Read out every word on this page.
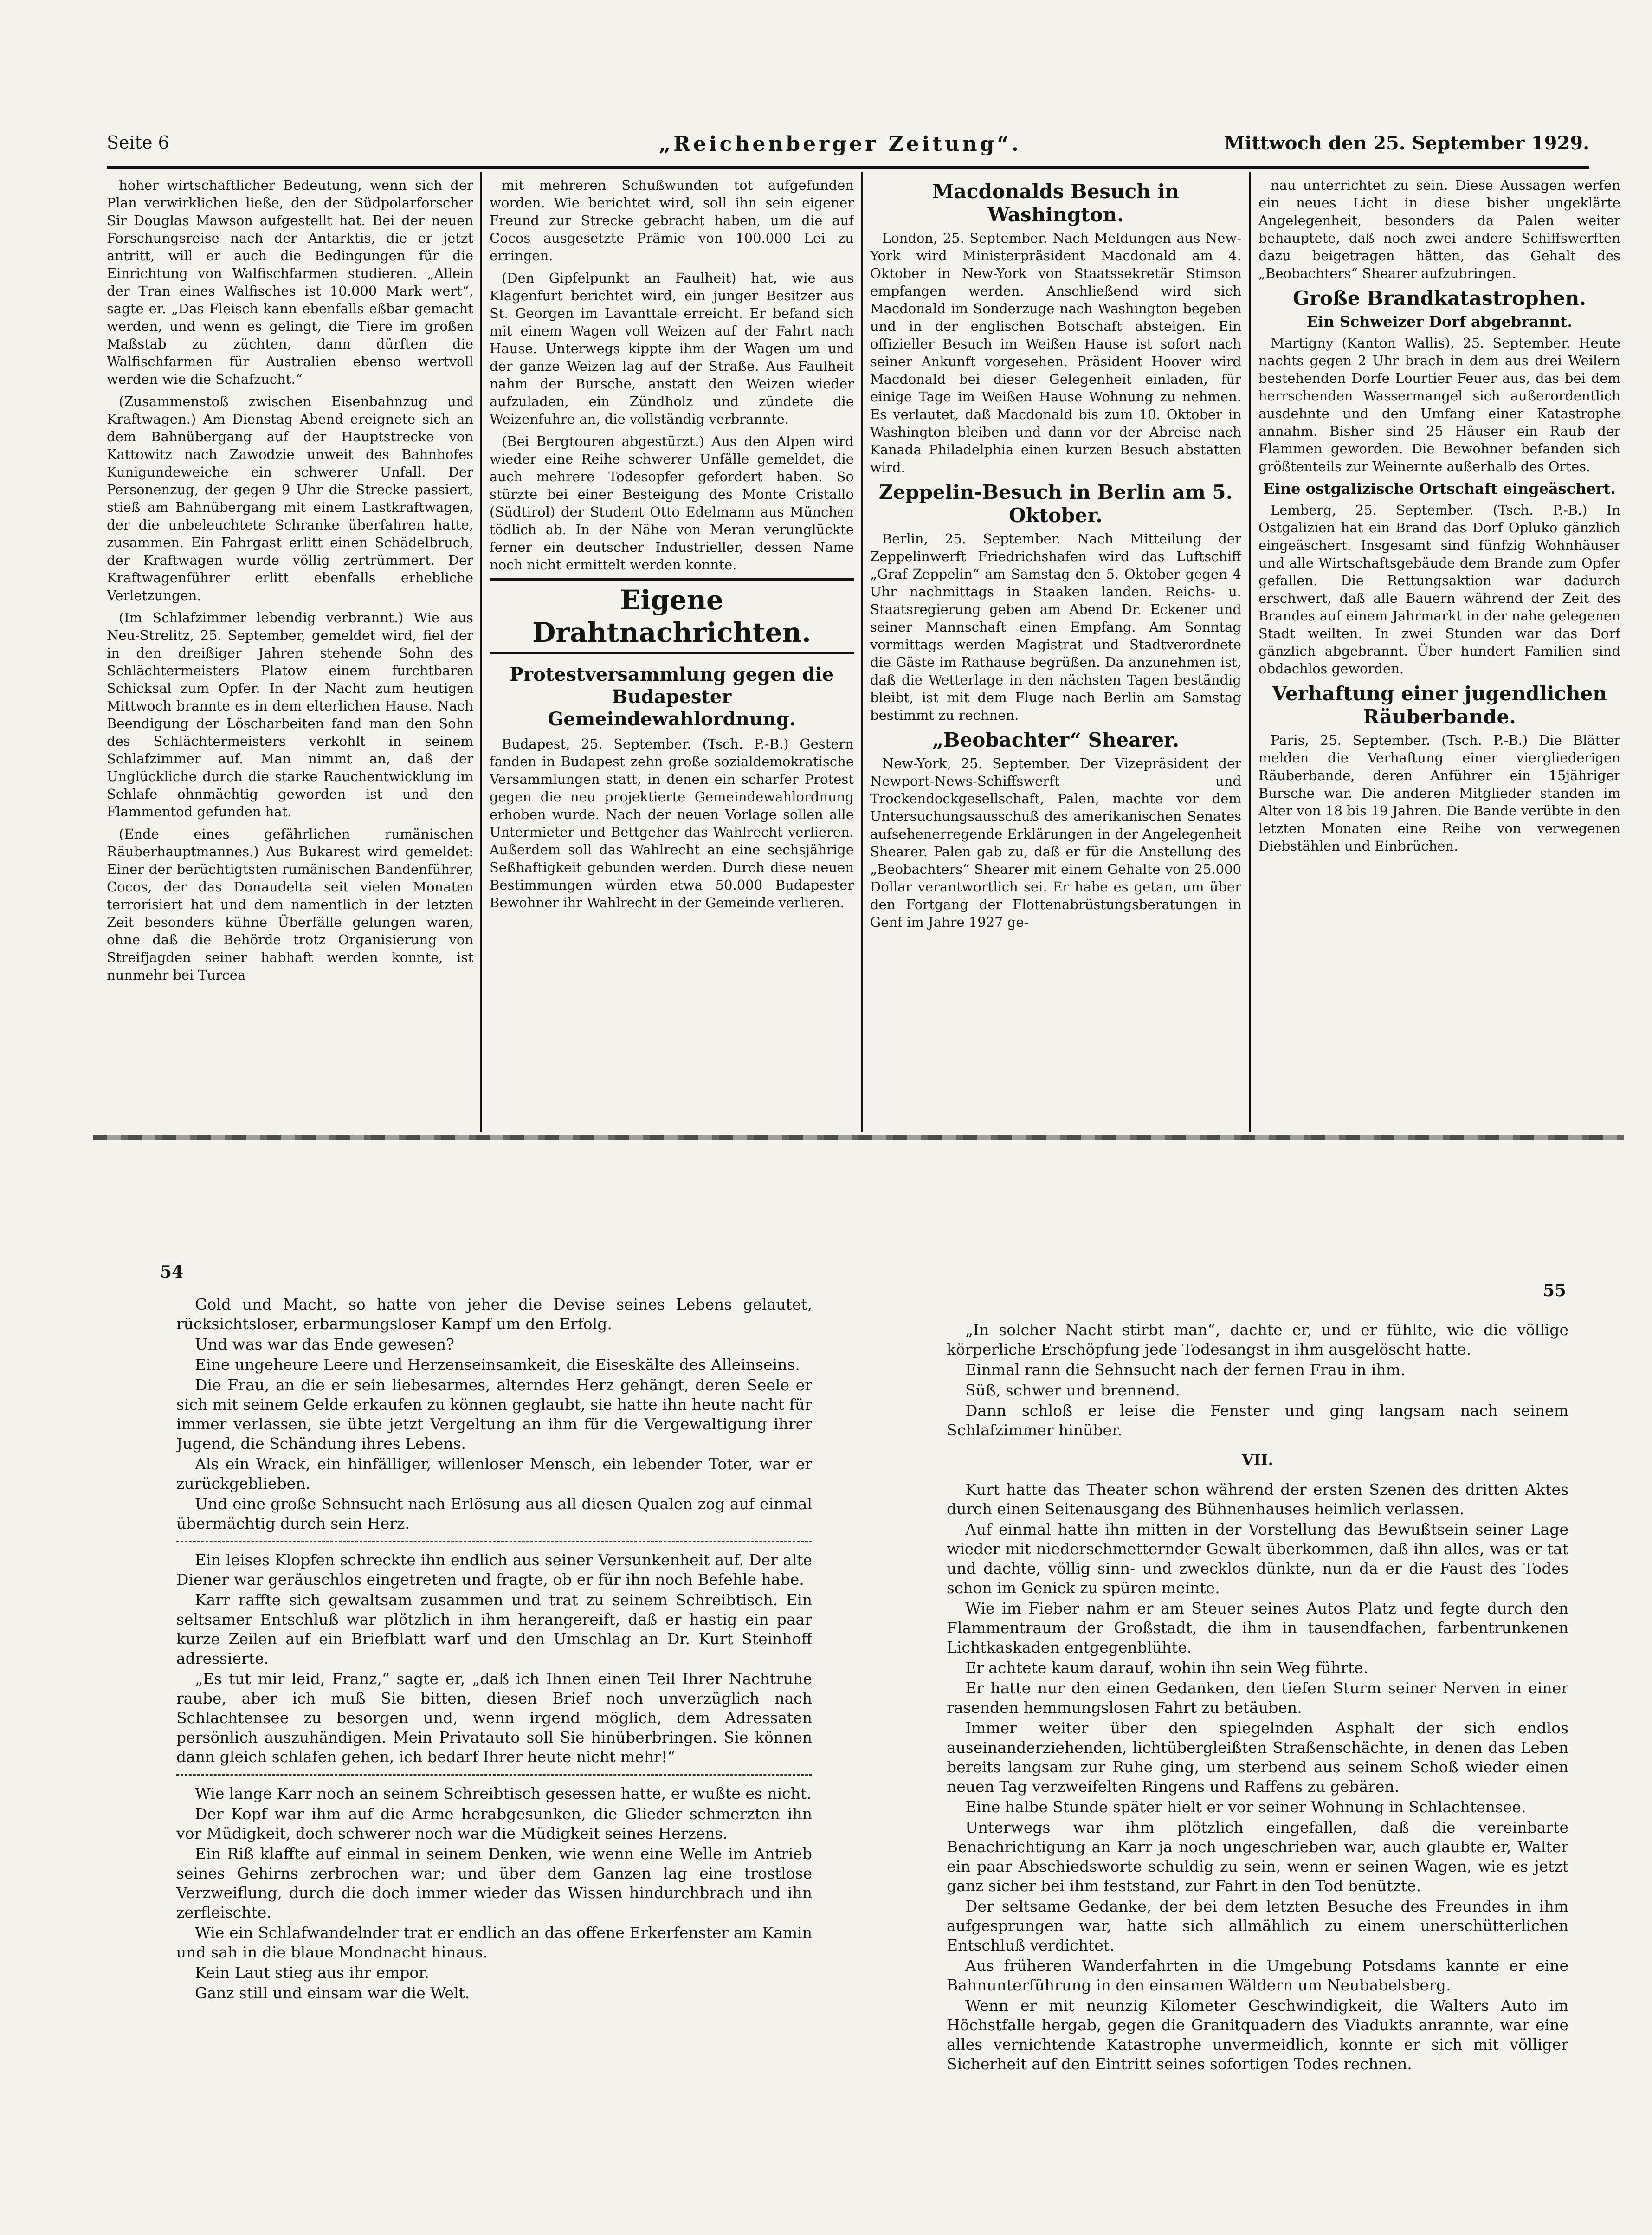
Seite 6	„Reichenberger Zeitung“.	Mittwoch den 25. September 1929.

hoher wirtschaftlicher Bedeutung, wenn sich der Plan verwirklichen ließe, den der Südpolarforscher Sir Douglas Mawson aufgestellt hat. Bei der neuen Forschungsreise nach der Antarktis, die er jetzt antritt, will er auch die Bedingungen für die Einrichtung von Walfischfarmen studieren. „Allein der Tran eines Walfisches ist 10.000 Mark wert“, sagte er. „Das Fleisch kann ebenfalls eßbar gemacht werden, und wenn es gelingt, die Tiere im großen Maßstab zu züchten, dann dürften die Walfischfarmen für Australien ebenso wertvoll werden wie die Schafzucht.“

(Zusammenstoß zwischen Eisenbahnzug und Kraftwagen.) Am Dienstag Abend ereignete sich an dem Bahnübergang auf der Hauptstrecke von Kattowitz nach Zawodzie unweit des Bahnhofes Kunigundeweiche ein schwerer Unfall. Der Personenzug, der gegen 9 Uhr die Strecke passiert, stieß am Bahnübergang mit einem Lastkraftwagen, der die unbeleuchtete Schranke überfahren hatte, zusammen. Ein Fahrgast erlitt einen Schädelbruch, der Kraftwagen wurde völlig zertrümmert. Der Kraftwagenführer erlitt ebenfalls erhebliche Verletzungen.

(Im Schlafzimmer lebendig verbrannt.) Wie aus Neu-Strelitz, 25. September, gemeldet wird, fiel der in den dreißiger Jahren stehende Sohn des Schlächtermeisters Platow einem furchtbaren Schicksal zum Opfer. In der Nacht zum heutigen Mittwoch brannte es in dem elterlichen Hause. Nach Beendigung der Löscharbeiten fand man den Sohn des Schlächtermeisters verkohlt in seinem Schlafzimmer auf. Man nimmt an, daß der Unglückliche durch die starke Rauchentwicklung im Schlafe ohnmächtig geworden ist und den Flammentod gefunden hat.

(Ende eines gefährlichen rumänischen Räuberhauptmannes.) Aus Bukarest wird gemeldet: Einer der berüchtigtsten rumänischen Bandenführer, Cocos, der das Donaudelta seit vielen Monaten terrorisiert hat und dem namentlich in der letzten Zeit besonders kühne Überfälle gelungen waren, ohne daß die Behörde trotz Organisierung von Streifjagden seiner habhaft werden konnte, ist nunmehr bei Turcea

mit mehreren Schußwunden tot aufgefunden worden. Wie berichtet wird, soll ihn sein eigener Freund zur Strecke gebracht haben, um die auf Cocos ausgesetzte Prämie von 100.000 Lei zu erringen.

(Den Gipfelpunkt an Faulheit) hat, wie aus Klagenfurt berichtet wird, ein junger Besitzer aus St. Georgen im Lavanttale erreicht. Er befand sich mit einem Wagen voll Weizen auf der Fahrt nach Hause. Unterwegs kippte ihm der Wagen um und der ganze Weizen lag auf der Straße. Aus Faulheit nahm der Bursche, anstatt den Weizen wieder aufzuladen, ein Zündholz und zündete die Weizenfuhre an, die vollständig verbrannte.

(Bei Bergtouren abgestürzt.) Aus den Alpen wird wieder eine Reihe schwerer Unfälle gemeldet, die auch mehrere Todesopfer gefordert haben. So stürzte bei einer Besteigung des Monte Cristallo (Südtirol) der Student Otto Edelmann aus München tödlich ab. In der Nähe von Meran verunglückte ferner ein deutscher Industrieller, dessen Name noch nicht ermittelt werden konnte.

Eigene Drahtnachrichten.
Protestversammlung gegen die Budapester Gemeindewahlordnung.

Budapest, 25. September. (Tsch. P.-B.) Gestern fanden in Budapest zehn große sozialdemokratische Versammlungen statt, in denen ein scharfer Protest gegen die neu projektierte Gemeindewahlordnung erhoben wurde. Nach der neuen Vorlage sollen alle Untermieter und Bettgeher das Wahlrecht verlieren. Außerdem soll das Wahlrecht an eine sechsjährige Seßhaftigkeit gebunden werden. Durch diese neuen Bestimmungen würden etwa 50.000 Budapester Bewohner ihr Wahlrecht in der Gemeinde verlieren.

Macdonalds Besuch in Washington.

London, 25. September. Nach Meldungen aus New-York wird Ministerpräsident Macdonald am 4. Oktober in New-York von Staatssekretär Stimson empfangen werden. Anschließend wird sich Macdonald im Sonderzuge nach Washington begeben und in der englischen Botschaft absteigen. Ein offizieller Besuch im Weißen Hause ist sofort nach seiner Ankunft vorgesehen. Präsident Hoover wird Macdonald bei dieser Gelegenheit einladen, für einige Tage im Weißen Hause Wohnung zu nehmen. Es verlautet, daß Macdonald bis zum 10. Oktober in Washington bleiben und dann vor der Abreise nach Kanada Philadelphia einen kurzen Besuch abstatten wird.

Zeppelin-Besuch in Berlin am 5. Oktober.

Berlin, 25. September. Nach Mitteilung der Zeppelinwerft Friedrichshafen wird das Luftschiff „Graf Zeppelin“ am Samstag den 5. Oktober gegen 4 Uhr nachmittags in Staaken landen. Reichs- u. Staatsregierung geben am Abend Dr. Eckener und seiner Mannschaft einen Empfang. Am Sonntag vormittags werden Magistrat und Stadtverordnete die Gäste im Rathause begrüßen. Da anzunehmen ist, daß die Wetterlage in den nächsten Tagen beständig bleibt, ist mit dem Fluge nach Berlin am Samstag bestimmt zu rechnen.

„Beobachter“ Shearer.

New-York, 25. September. Der Vizepräsident der Newport-News-Schiffswerft und Trockendockgesellschaft, Palen, machte vor dem Untersuchungsausschuß des amerikanischen Senates aufsehenerregende Erklärungen in der Angelegenheit Shearer. Palen gab zu, daß er für die Anstellung des „Beobachters“ Shearer mit einem Gehalte von 25.000 Dollar verantwortlich sei. Er habe es getan, um über den Fortgang der Flottenabrüstungsberatungen in Genf im Jahre 1927 ge-

nau unterrichtet zu sein. Diese Aussagen werfen ein neues Licht in diese bisher ungeklärte Angelegenheit, besonders da Palen weiter behauptete, daß noch zwei andere Schiffswerften dazu beigetragen hätten, das Gehalt des „Beobachters“ Shearer aufzubringen.

Große Brandkatastrophen.
Ein Schweizer Dorf abgebrannt.

Martigny (Kanton Wallis), 25. September. Heute nachts gegen 2 Uhr brach in dem aus drei Weilern bestehenden Dorfe Lourtier Feuer aus, das bei dem herrschenden Wassermangel sich außerordentlich ausdehnte und den Umfang einer Katastrophe annahm. Bisher sind 25 Häuser ein Raub der Flammen geworden. Die Bewohner befanden sich größtenteils zur Weinernte außerhalb des Ortes.

Eine ostgalizische Ortschaft eingeäschert.

Lemberg, 25. September. (Tsch. P.-B.) In Ostgalizien hat ein Brand das Dorf Opluko gänzlich eingeäschert. Insgesamt sind fünfzig Wohnhäuser und alle Wirtschaftsgebäude dem Brande zum Opfer gefallen. Die Rettungsaktion war dadurch erschwert, daß alle Bauern während der Zeit des Brandes auf einem Jahrmarkt in der nahe gelegenen Stadt weilten. In zwei Stunden war das Dorf gänzlich abgebrannt. Über hundert Familien sind obdachlos geworden.

Verhaftung einer jugendlichen Räuberbande.

Paris, 25. September. (Tsch. P.-B.) Die Blätter melden die Verhaftung einer viergliederigen Räuberbande, deren Anführer ein 15jähriger Bursche war. Die anderen Mitglieder standen im Alter von 18 bis 19 Jahren. Die Bande verübte in den letzten Monaten eine Reihe von verwegenen Diebstählen und Einbrüchen.

54

Gold und Macht, so hatte von jeher die Devise seines Lebens gelautet, rücksichtsloser, erbarmungsloser Kampf um den Erfolg.

Und was war das Ende gewesen?

Eine ungeheure Leere und Herzenseinsamkeit, die Eiseskälte des Alleinseins.

Die Frau, an die er sein liebesarmes, alterndes Herz gehängt, deren Seele er sich mit seinem Gelde erkaufen zu können geglaubt, sie hatte ihn heute nacht für immer verlassen, sie übte jetzt Vergeltung an ihm für die Vergewaltigung ihrer Jugend, die Schändung ihres Lebens.

Als ein Wrack, ein hinfälliger, willenloser Mensch, ein lebender Toter, war er zurückgeblieben.

Und eine große Sehnsucht nach Erlösung aus all diesen Qualen zog auf einmal übermächtig durch sein Herz.

Ein leises Klopfen schreckte ihn endlich aus seiner Versunkenheit auf. Der alte Diener war geräuschlos eingetreten und fragte, ob er für ihn noch Befehle habe.

Karr raffte sich gewaltsam zusammen und trat zu seinem Schreibtisch. Ein seltsamer Entschluß war plötzlich in ihm herangereift, daß er hastig ein paar kurze Zeilen auf ein Briefblatt warf und den Umschlag an Dr. Kurt Steinhoff adressierte.

„Es tut mir leid, Franz,“ sagte er, „daß ich Ihnen einen Teil Ihrer Nachtruhe raube, aber ich muß Sie bitten, diesen Brief noch unverzüglich nach Schlachtensee zu besorgen und, wenn irgend möglich, dem Adressaten persönlich auszuhändigen. Mein Privatauto soll Sie hinüberbringen. Sie können dann gleich schlafen gehen, ich bedarf Ihrer heute nicht mehr!“

Wie lange Karr noch an seinem Schreibtisch gesessen hatte, er wußte es nicht.

Der Kopf war ihm auf die Arme herabgesunken, die Glieder schmerzten ihn vor Müdigkeit, doch schwerer noch war die Müdigkeit seines Herzens.

Ein Riß klaffte auf einmal in seinem Denken, wie wenn eine Welle im Antrieb seines Gehirns zerbrochen war; und über dem Ganzen lag eine trostlose Verzweiflung, durch die doch immer wieder das Wissen hindurchbrach und ihn zerfleischte.

Wie ein Schlafwandelnder trat er endlich an das offene Erkerfenster am Kamin und sah in die blaue Mondnacht hinaus.

Kein Laut stieg aus ihr empor.

Ganz still und einsam war die Welt.

55

„In solcher Nacht stirbt man“, dachte er, und er fühlte, wie die völlige körperliche Erschöpfung jede Todesangst in ihm ausgelöscht hatte.

Einmal rann die Sehnsucht nach der fernen Frau in ihm.

Süß, schwer und brennend.

Dann schloß er leise die Fenster und ging langsam nach seinem Schlafzimmer hinüber.

VII.

Kurt hatte das Theater schon während der ersten Szenen des dritten Aktes durch einen Seitenausgang des Bühnenhauses heimlich verlassen.

Auf einmal hatte ihn mitten in der Vorstellung das Bewußtsein seiner Lage wieder mit niederschmetternder Gewalt überkommen, daß ihn alles, was er tat und dachte, völlig sinn- und zwecklos dünkte, nun da er die Faust des Todes schon im Genick zu spüren meinte.

Wie im Fieber nahm er am Steuer seines Autos Platz und fegte durch den Flammentraum der Großstadt, die ihm in tausendfachen, farbentrunkenen Lichtkaskaden entgegenblühte.

Er achtete kaum darauf, wohin ihn sein Weg führte.

Er hatte nur den einen Gedanken, den tiefen Sturm seiner Nerven in einer rasenden hemmungslosen Fahrt zu betäuben.

Immer weiter über den spiegelnden Asphalt der sich endlos auseinanderziehenden, lichtübergleißten Straßenschächte, in denen das Leben bereits langsam zur Ruhe ging, um sterbend aus seinem Schoß wieder einen neuen Tag verzweifelten Ringens und Raffens zu gebären.

Eine halbe Stunde später hielt er vor seiner Wohnung in Schlachtensee.

Unterwegs war ihm plötzlich eingefallen, daß die vereinbarte Benachrichtigung an Karr ja noch ungeschrieben war, auch glaubte er, Walter ein paar Abschiedsworte schuldig zu sein, wenn er seinen Wagen, wie es jetzt ganz sicher bei ihm feststand, zur Fahrt in den Tod benützte.

Der seltsame Gedanke, der bei dem letzten Besuche des Freundes in ihm aufgesprungen war, hatte sich allmählich zu einem unerschütterlichen Entschluß verdichtet.

Aus früheren Wanderfahrten in die Umgebung Potsdams kannte er eine Bahnunterführung in den einsamen Wäldern um Neubabelsberg.

Wenn er mit neunzig Kilometer Geschwindigkeit, die Walters Auto im Höchstfalle hergab, gegen die Granitquadern des Viadukts anrannte, war eine alles vernichtende Katastrophe unvermeidlich, konnte er sich mit völliger Sicherheit auf den Eintritt seines sofortigen Todes rechnen.
